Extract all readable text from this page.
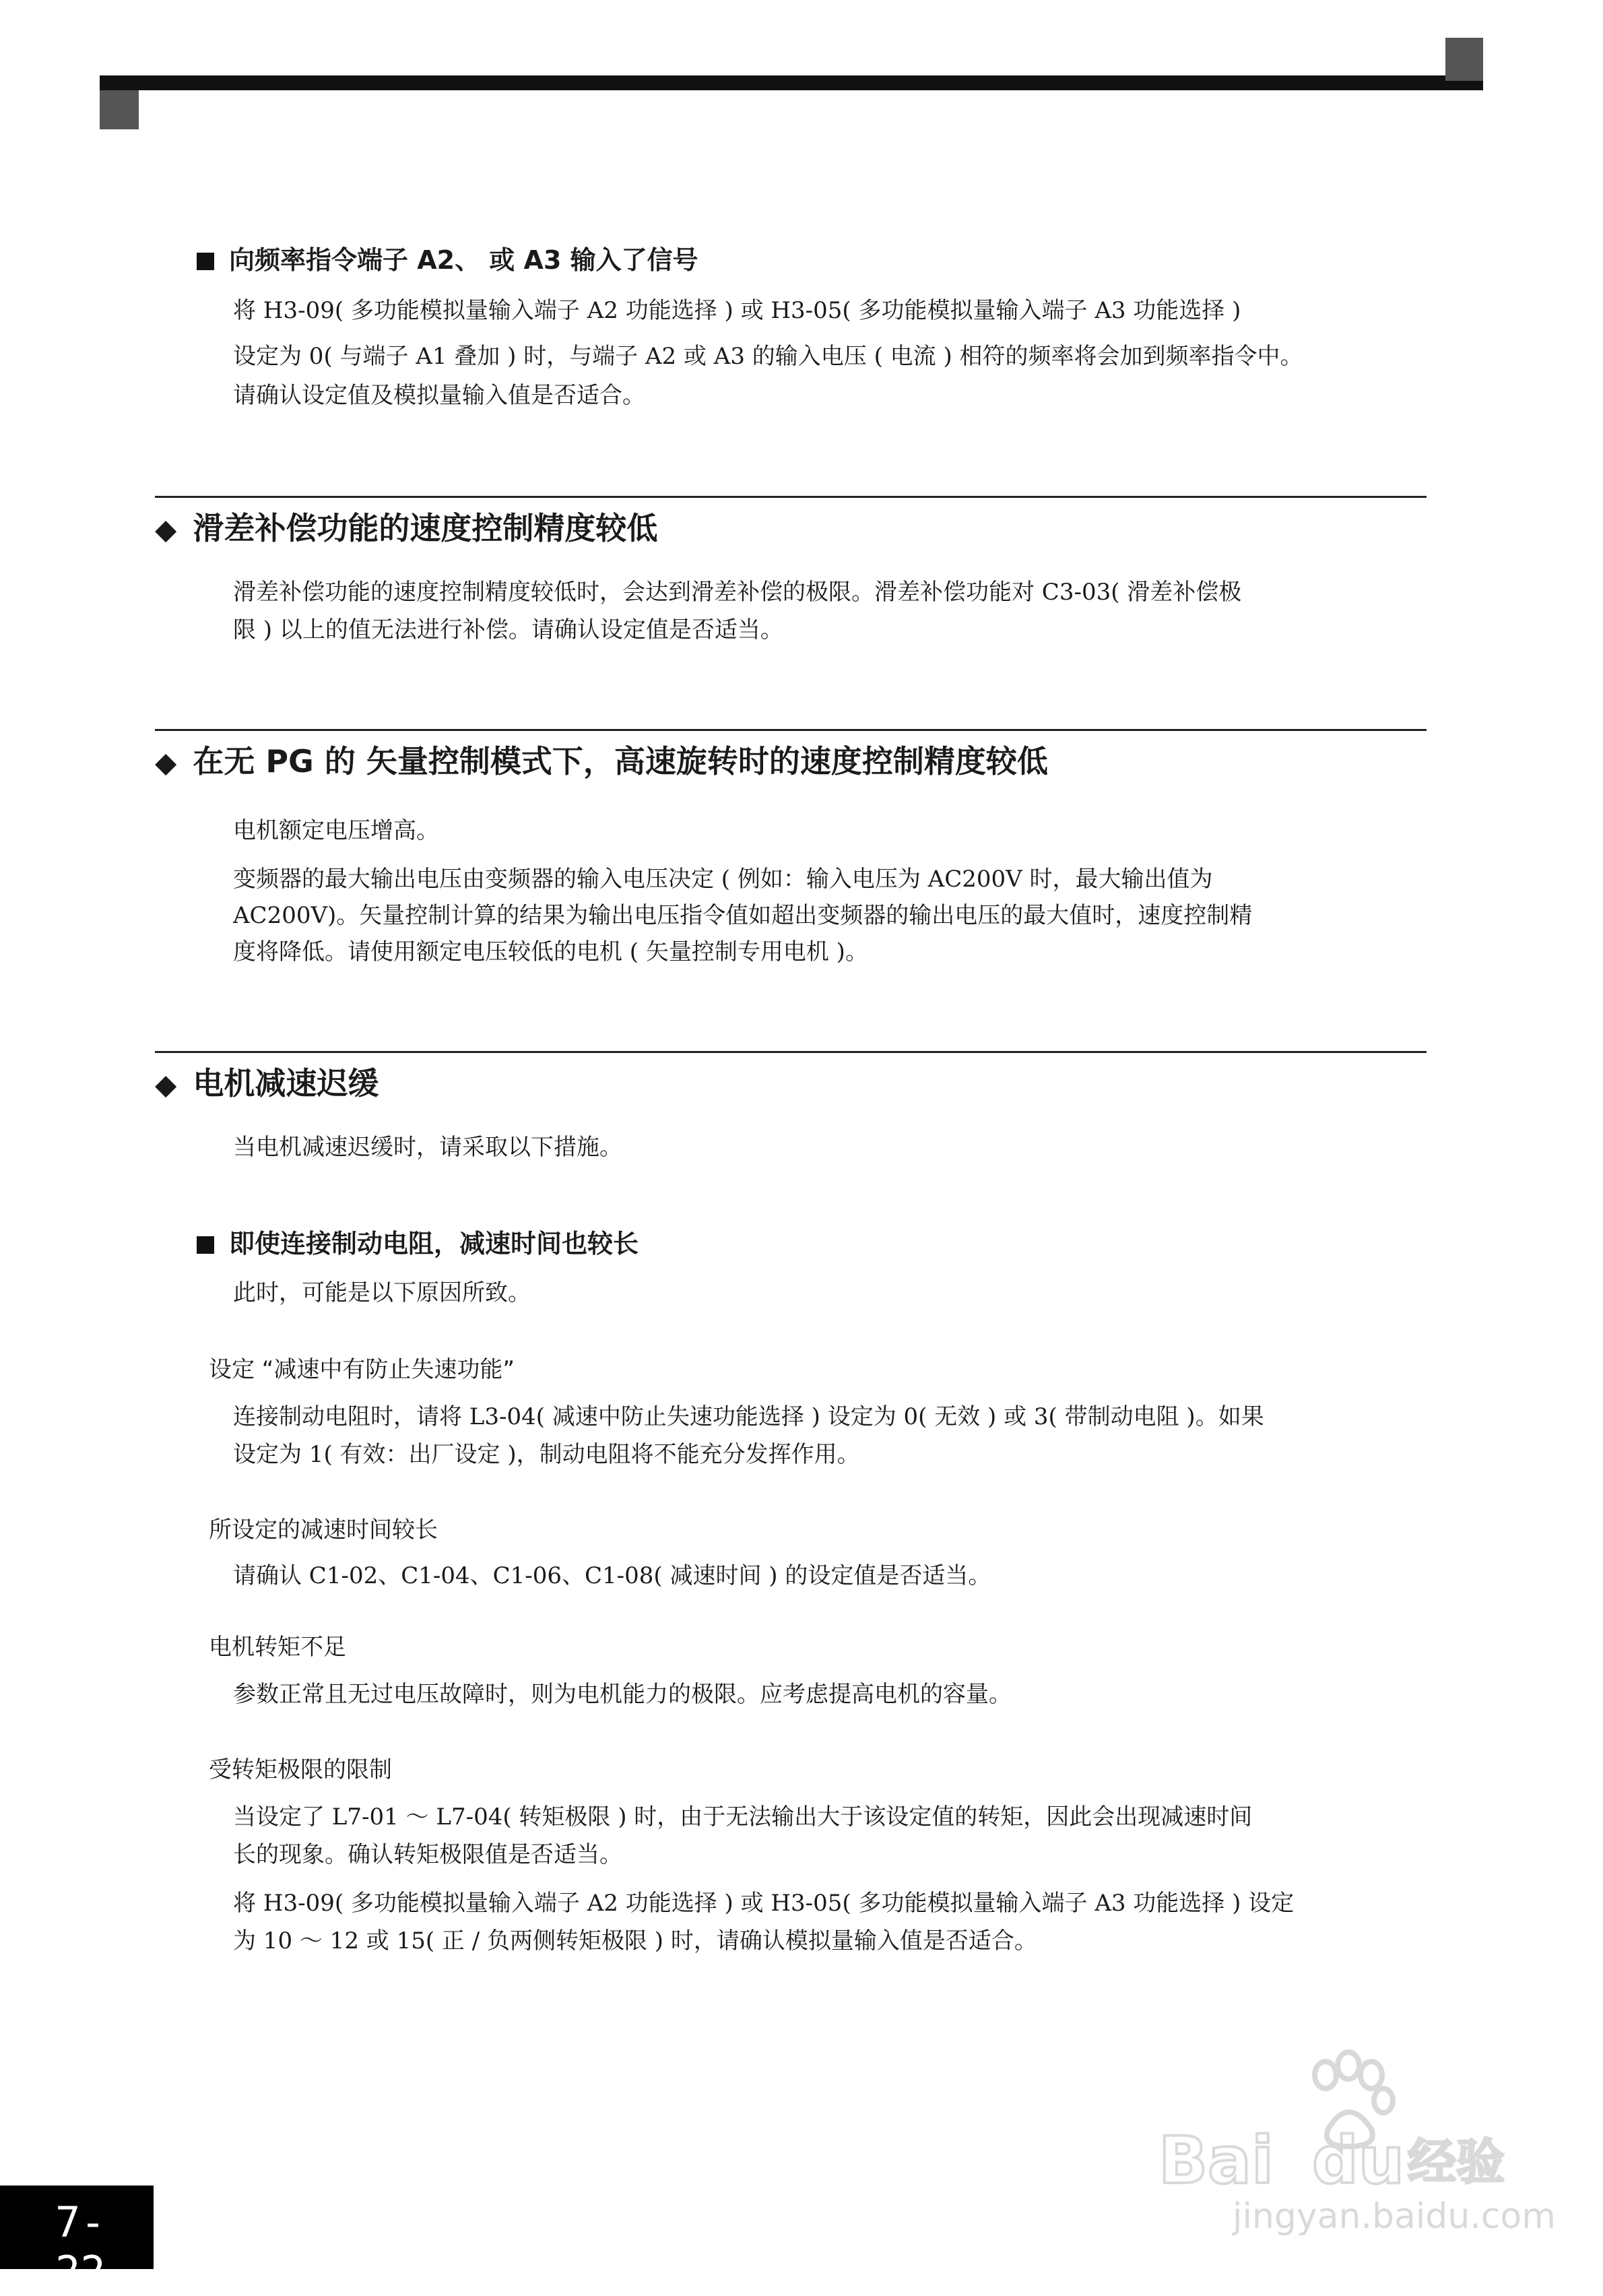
向频率指令端子 A2、 或 A3 输入了信号
将 H3-09( 多功能模拟量输入端子 A2 功能选择 ) 或 H3-05( 多功能模拟量输入端子 A3 功能选择 )
设定为 0( 与端子 A1 叠加 ) 时，与端子 A2 或 A3 的输入电压 ( 电流 ) 相符的频率将会加到频率指令中。
请确认设定值及模拟量输入值是否适合。
◆ 滑差补偿功能的速度控制精度较低
滑差补偿功能的速度控制精度较低时，会达到滑差补偿的极限。滑差补偿功能对 C3-03( 滑差补偿极
限 ) 以上的值无法进行补偿。请确认设定值是否适当。
◆ 在无 PG 的 矢量控制模式下，高速旋转时的速度控制精度较低
电机额定电压增高。
变频器的最大输出电压由变频器的输入电压决定 ( 例如：输入电压为 AC200V 时，最大输出值为
AC200V)。矢量控制计算的结果为输出电压指令值如超出变频器的输出电压的最大值时，速度控制精
度将降低。请使用额定电压较低的电机 ( 矢量控制专用电机 )。
◆ 电机减速迟缓
当电机减速迟缓时，请采取以下措施。
即使连接制动电阻，减速时间也较长
此时，可能是以下原因所致。
设定 “减速中有防止失速功能”
连接制动电阻时，请将 L3-04( 减速中防止失速功能选择 ) 设定为 0( 无效 ) 或 3( 带制动电阻 )。如果
设定为 1( 有效：出厂设定 )，制动电阻将不能充分发挥作用。
所设定的减速时间较长
请确认 C1-02、C1-04、C1-06、C1-08( 减速时间 ) 的设定值是否适当。
电机转矩不足
参数正常且无过电压故障时，则为电机能力的极限。应考虑提高电机的容量。
受转矩极限的限制
当设定了 L7-01 ～ L7-04( 转矩极限 ) 时，由于无法输出大于该设定值的转矩，因此会出现减速时间
长的现象。确认转矩极限值是否适当。
将 H3-09( 多功能模拟量输入端子 A2 功能选择 ) 或 H3-05( 多功能模拟量输入端子 A3 功能选择 ) 设定
为 10 ～ 12 或 15( 正 / 负两侧转矩极限 ) 时，请确认模拟量输入值是否适合。
Bai du 经验
jingyan.baidu.com
7-22
